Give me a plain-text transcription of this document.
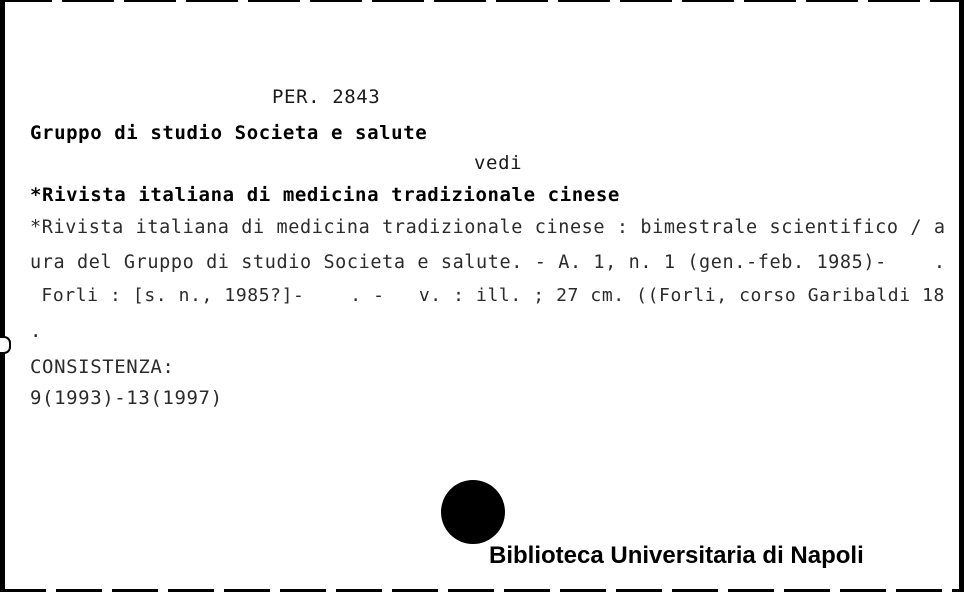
PER. 2843
Gruppo di studio Societa e salute
vedi
*Rivista italiana di medicina tradizionale cinese
*Rivista italiana di medicina tradizionale cinese : bimestrale scientifico / a
ura del Gruppo di studio Societa e salute. - A. 1, n. 1 (gen.-feb. 1985)-    .
Forli : [s. n., 1985?]-    . -   v. : ill. ; 27 cm. ((Forli, corso Garibaldi 18
.
CONSISTENZA:
9(1993)-13(1997)
Biblioteca Universitaria di Napoli
